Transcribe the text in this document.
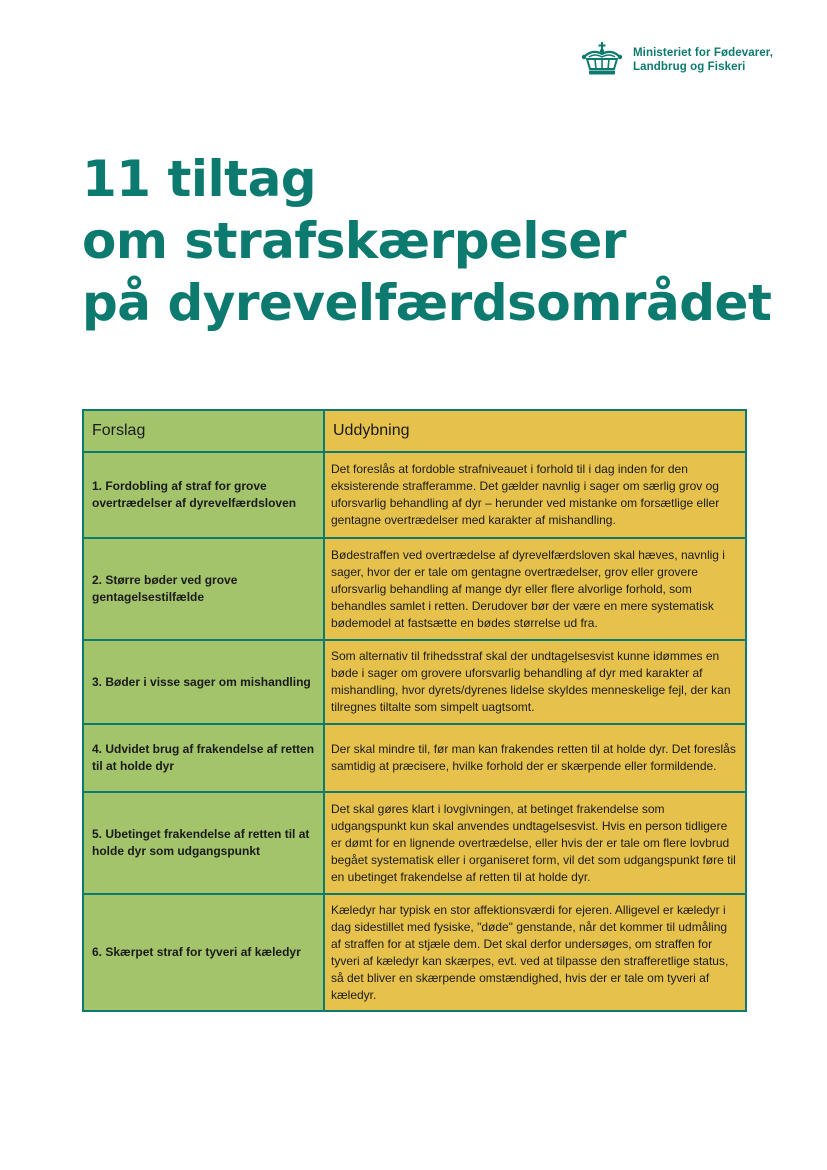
Ministeriet for Fødevarer,
Landbrug og Fiskeri
11 tiltag
om strafskærpelser
på dyrevelfærdsområdet
Forslag	Uddybning
1. Fordobling af straf for grove overtrædelser af dyrevelfærdsloven	Det foreslås at fordoble strafniveauet i forhold til i dag inden for den eksisterende strafferamme. Det gælder navnlig i sager om særlig grov og uforsvarlig behandling af dyr – herunder ved mistanke om forsætlige eller gentagne overtrædelser med karakter af mishandling.
2. Større bøder ved grove gentagelsestilfælde	Bødestraffen ved overtrædelse af dyrevelfærdsloven skal hæves, navnlig i sager, hvor der er tale om gentagne overtrædelser, grov eller grovere uforsvarlig behandling af mange dyr eller flere alvorlige forhold, som behandles samlet i retten. Derudover bør der være en mere systematisk bødemodel at fastsætte en bødes størrelse ud fra.
3. Bøder i visse sager om mishandling	Som alternativ til frihedsstraf skal der undtagelsesvist kunne idømmes en bøde i sager om grovere uforsvarlig behandling af dyr med karakter af mishandling, hvor dyrets/dyrenes lidelse skyldes menneskelige fejl, der kan tilregnes tiltalte som simpelt uagtsomt.
4. Udvidet brug af frakendelse af retten til at holde dyr	Der skal mindre til, før man kan frakendes retten til at holde dyr. Det foreslås samtidig at præcisere, hvilke forhold der er skærpende eller formildende.
5. Ubetinget frakendelse af retten til at holde dyr som udgangspunkt	Det skal gøres klart i lovgivningen, at betinget frakendelse som udgangspunkt kun skal anvendes undtagelsesvist. Hvis en person tidligere er dømt for en lignende overtrædelse, eller hvis der er tale om flere lovbrud begået systematisk eller i organiseret form, vil det som udgangspunkt føre til en ubetinget frakendelse af retten til at holde dyr.
6. Skærpet straf for tyveri af kæledyr	Kæledyr har typisk en stor affektionsværdi for ejeren. Alligevel er kæledyr i dag sidestillet med fysiske, "døde" genstande, når det kommer til udmåling af straffen for at stjæle dem. Det skal derfor undersøges, om straffen for tyveri af kæledyr kan skærpes, evt. ved at tilpasse den strafferetlige status, så det bliver en skærpende omstændighed, hvis der er tale om tyveri af kæledyr.
